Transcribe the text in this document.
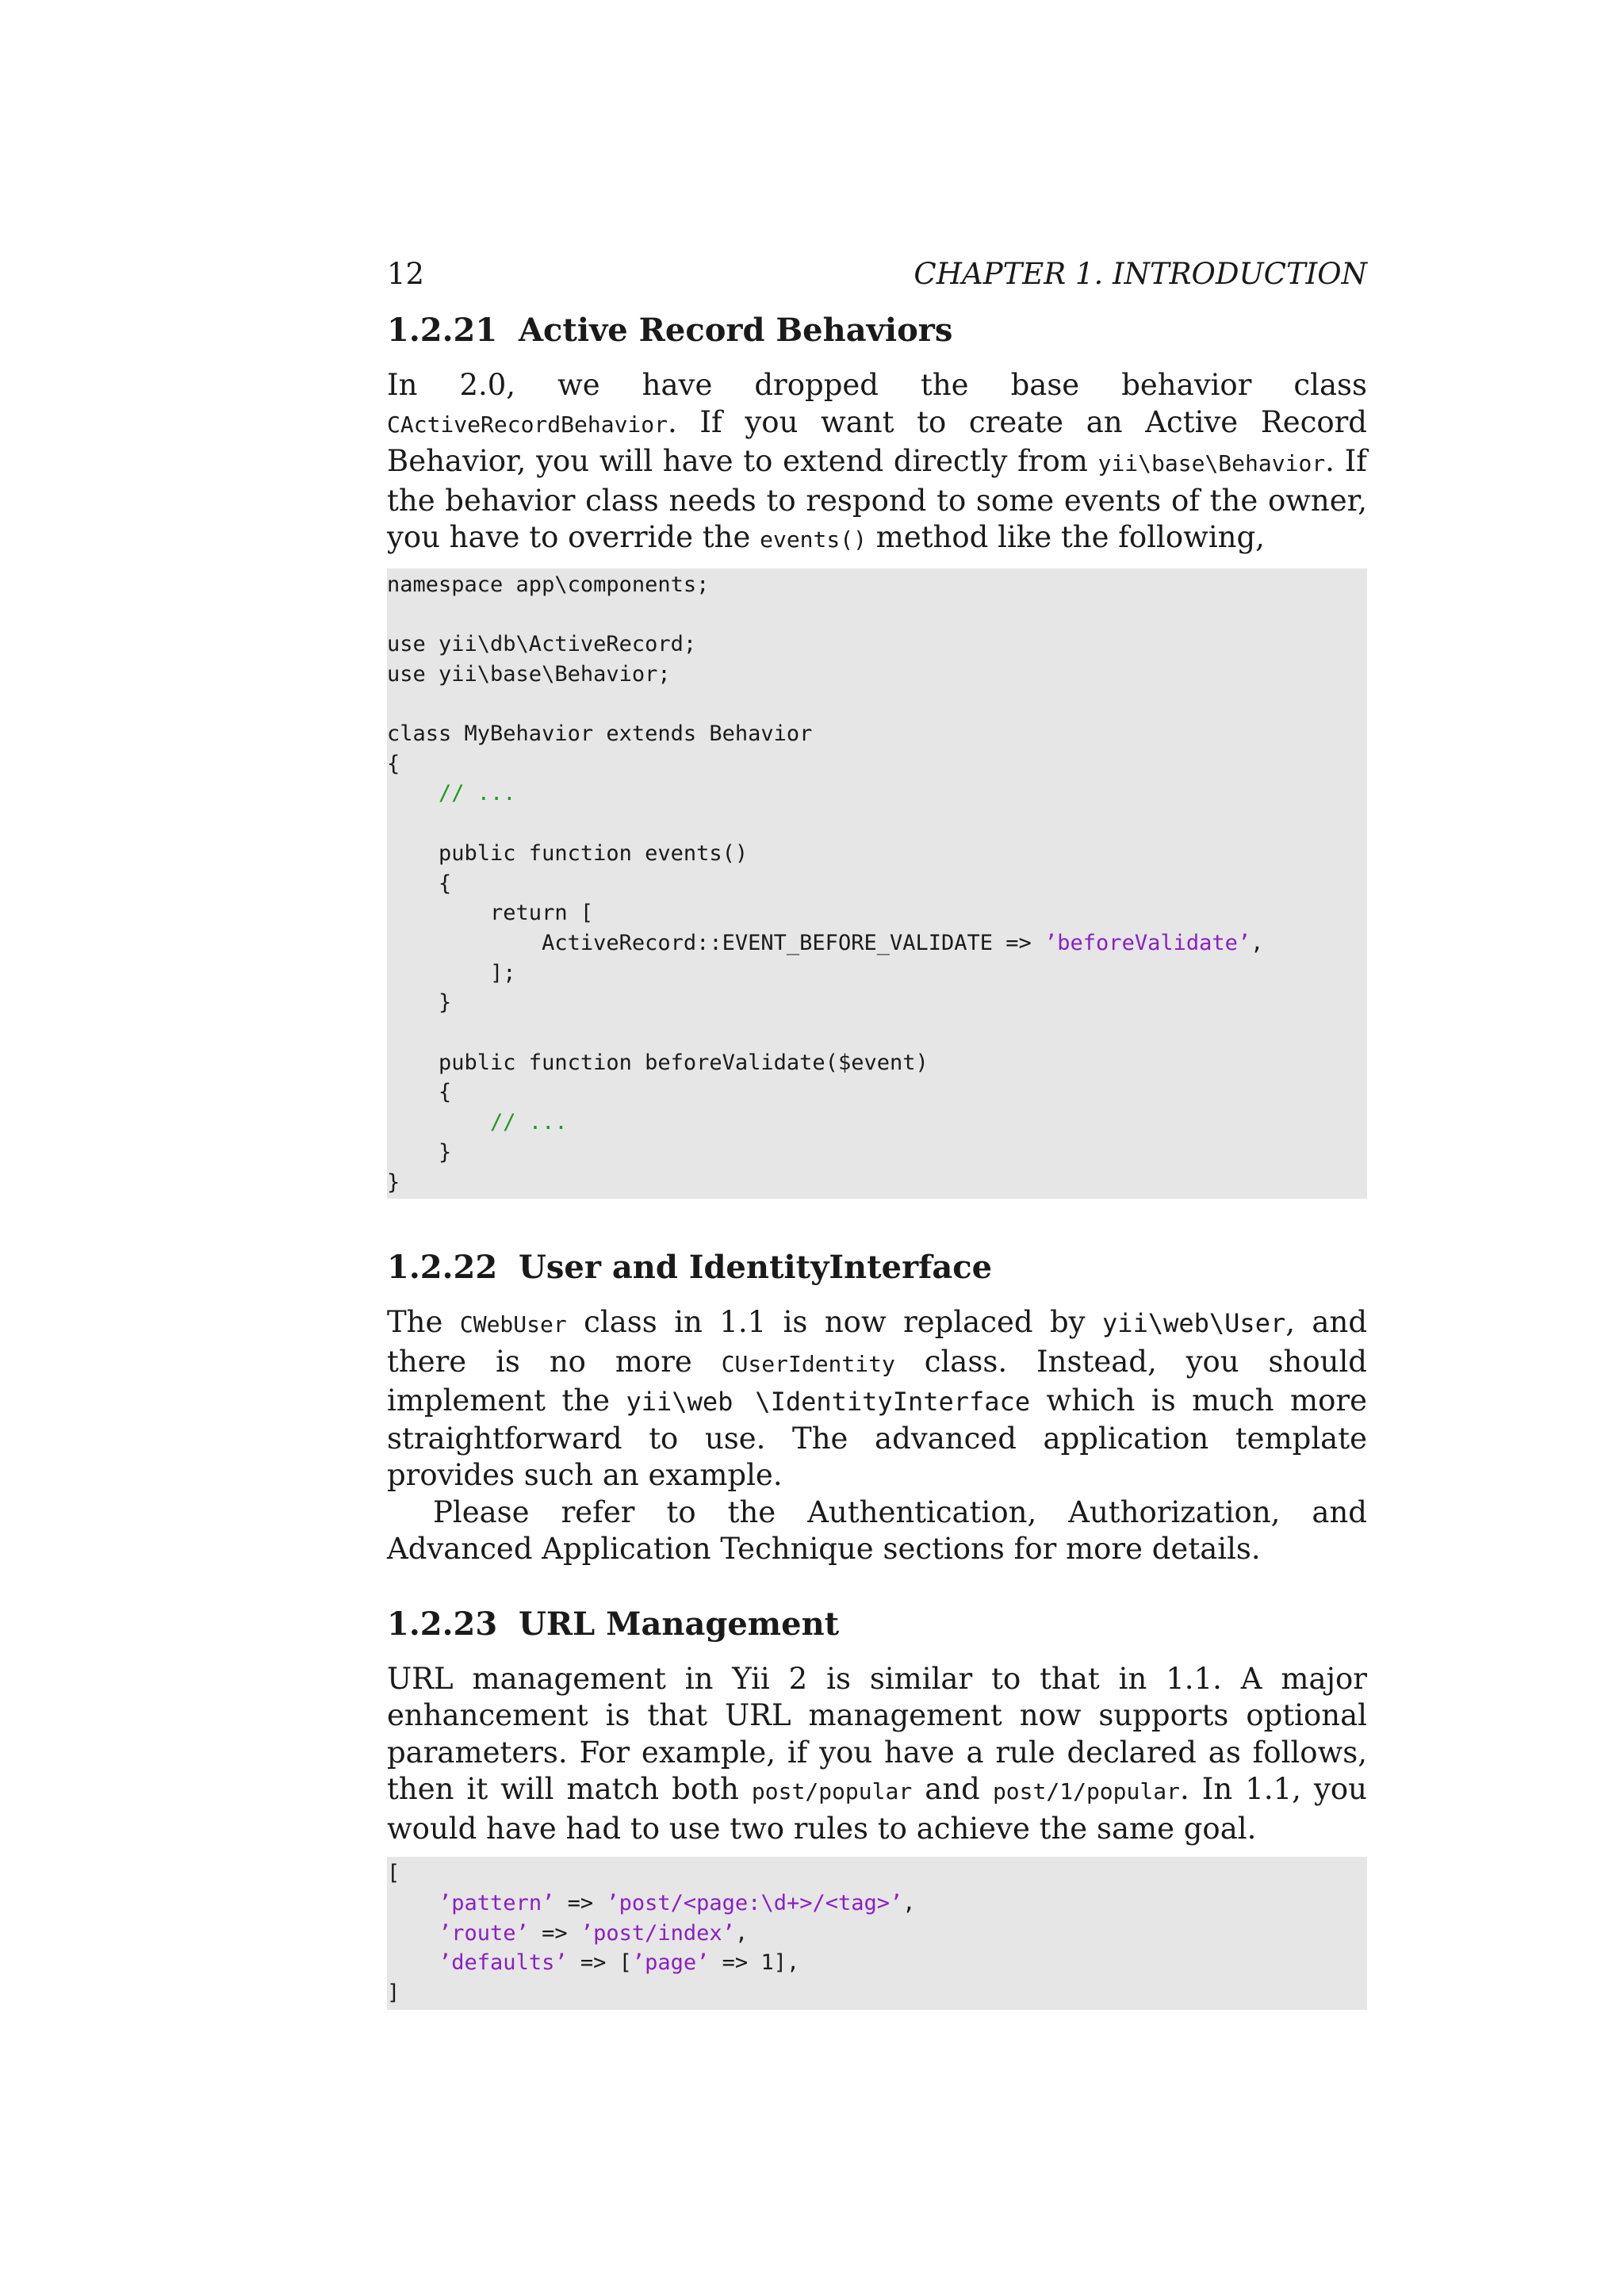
12	CHAPTER 1. INTRODUCTION
1.2.21 Active Record Behaviors

In 2.0, we have dropped the base behavior class CActiveRecordBehavior. If you want to create an Active Record Behavior, you will have to extend directly from yii\base\Behavior. If the behavior class needs to respond to some events of the owner, you have to override the events() method like the following,

namespace app\components;

use yii\db\ActiveRecord;
use yii\base\Behavior;

class MyBehavior extends Behavior
{
// ...

public function events()
{
return [
ActiveRecord::EVENT_BEFORE_VALIDATE => ’beforeValidate’,
];
}

public function beforeValidate($event)
{
// ...
}
}
1.2.22 User and IdentityInterface

The CWebUser class in 1.1 is now replaced by yii\web\User, and there is no more CUserIdentity class. Instead, you should implement the yii\web \IdentityInterface which is much more straightforward to use. The advanced application template provides such an example.

Please refer to the Authentication, Authorization, and Advanced Application Technique sections for more details.

1.2.23 URL Management

URL management in Yii 2 is similar to that in 1.1. A major enhancement is that URL management now supports optional parameters. For example, if you have a rule declared as follows, then it will match both post/popular and post/1/popular. In 1.1, you would have had to use two rules to achieve the same goal.

[
’pattern’ => ’post/<page:\d+>/<tag>’,
’route’ => ’post/index’,
’defaults’ => [’page’ => 1],
]
